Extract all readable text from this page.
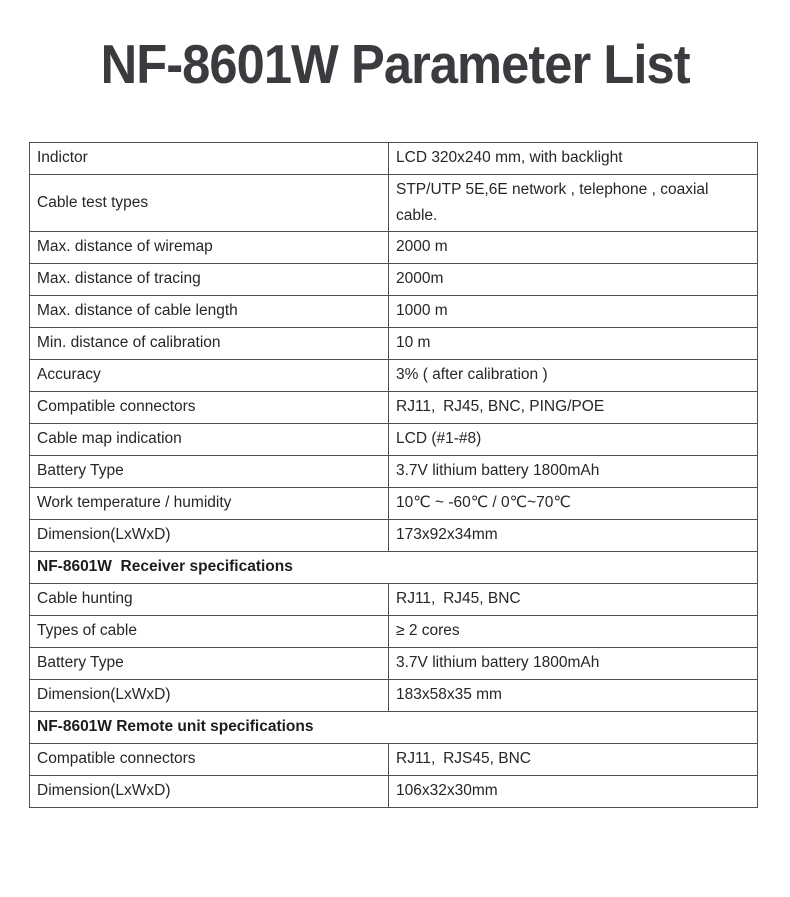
NF-8601W Parameter List
Indictor	LCD 320x240 mm, with backlight
Cable test types	STP/UTP 5E,6E network , telephone , coaxial cable.
Max. distance of wiremap	2000 m
Max. distance of tracing	2000m
Max. distance of cable length	1000 m
Min. distance of calibration	10 m
Accuracy	3% ( after calibration )
Compatible connectors	RJ11, RJ45, BNC, PING/POE
Cable map indication	LCD (#1-#8)
Battery Type	3.7V lithium battery 1800mAh
Work temperature / humidity	10℃ ~ -60℃ / 0℃~70℃
Dimension(LxWxD)	173x92x34mm
NF-8601W  Receiver specifications	
Cable hunting	RJ11, RJ45, BNC
Types of cable	≥ 2 cores
Battery Type	3.7V lithium battery 1800mAh
Dimension(LxWxD)	183x58x35 mm
NF-8601W Remote unit specifications	
Compatible connectors	RJ11, RJS45, BNC
Dimension(LxWxD)	106x32x30mm
